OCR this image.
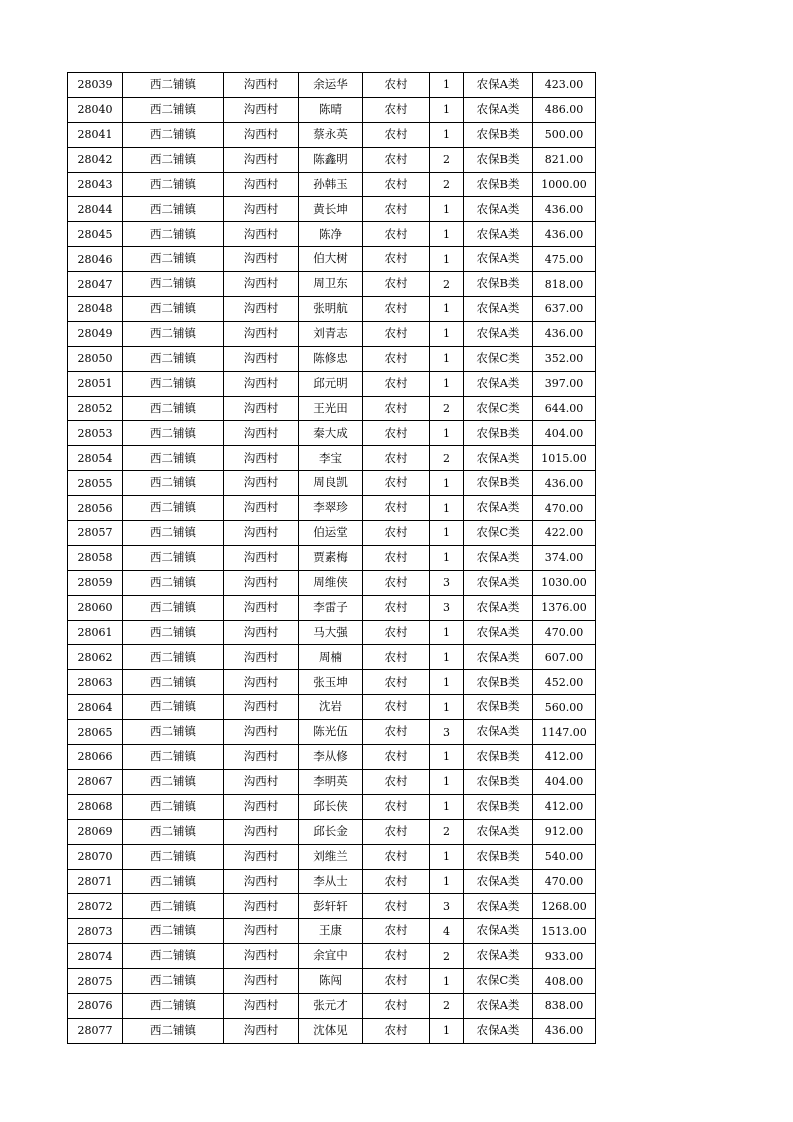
28039	西二铺镇	沟西村	余运华	农村	1	农保A类	423.00
28040	西二铺镇	沟西村	陈晴	农村	1	农保A类	486.00
28041	西二铺镇	沟西村	蔡永英	农村	1	农保B类	500.00
28042	西二铺镇	沟西村	陈鑫明	农村	2	农保B类	821.00
28043	西二铺镇	沟西村	孙韩玉	农村	2	农保B类	1000.00
28044	西二铺镇	沟西村	黄长坤	农村	1	农保A类	436.00
28045	西二铺镇	沟西村	陈净	农村	1	农保A类	436.00
28046	西二铺镇	沟西村	伯大树	农村	1	农保A类	475.00
28047	西二铺镇	沟西村	周卫东	农村	2	农保B类	818.00
28048	西二铺镇	沟西村	张明航	农村	1	农保A类	637.00
28049	西二铺镇	沟西村	刘青志	农村	1	农保A类	436.00
28050	西二铺镇	沟西村	陈修忠	农村	1	农保C类	352.00
28051	西二铺镇	沟西村	邱元明	农村	1	农保A类	397.00
28052	西二铺镇	沟西村	王光田	农村	2	农保C类	644.00
28053	西二铺镇	沟西村	秦大成	农村	1	农保B类	404.00
28054	西二铺镇	沟西村	李宝	农村	2	农保A类	1015.00
28055	西二铺镇	沟西村	周良凯	农村	1	农保B类	436.00
28056	西二铺镇	沟西村	李翠珍	农村	1	农保A类	470.00
28057	西二铺镇	沟西村	伯运堂	农村	1	农保C类	422.00
28058	西二铺镇	沟西村	贾素梅	农村	1	农保A类	374.00
28059	西二铺镇	沟西村	周维侠	农村	3	农保A类	1030.00
28060	西二铺镇	沟西村	李雷子	农村	3	农保A类	1376.00
28061	西二铺镇	沟西村	马大强	农村	1	农保A类	470.00
28062	西二铺镇	沟西村	周楠	农村	1	农保A类	607.00
28063	西二铺镇	沟西村	张玉坤	农村	1	农保B类	452.00
28064	西二铺镇	沟西村	沈岩	农村	1	农保B类	560.00
28065	西二铺镇	沟西村	陈光伍	农村	3	农保A类	1147.00
28066	西二铺镇	沟西村	李从修	农村	1	农保B类	412.00
28067	西二铺镇	沟西村	李明英	农村	1	农保B类	404.00
28068	西二铺镇	沟西村	邱长侠	农村	1	农保B类	412.00
28069	西二铺镇	沟西村	邱长金	农村	2	农保A类	912.00
28070	西二铺镇	沟西村	刘维兰	农村	1	农保B类	540.00
28071	西二铺镇	沟西村	李从士	农村	1	农保A类	470.00
28072	西二铺镇	沟西村	彭轩轩	农村	3	农保A类	1268.00
28073	西二铺镇	沟西村	王康	农村	4	农保A类	1513.00
28074	西二铺镇	沟西村	余宜中	农村	2	农保A类	933.00
28075	西二铺镇	沟西村	陈闯	农村	1	农保C类	408.00
28076	西二铺镇	沟西村	张元才	农村	2	农保A类	838.00
28077	西二铺镇	沟西村	沈体见	农村	1	农保A类	436.00
